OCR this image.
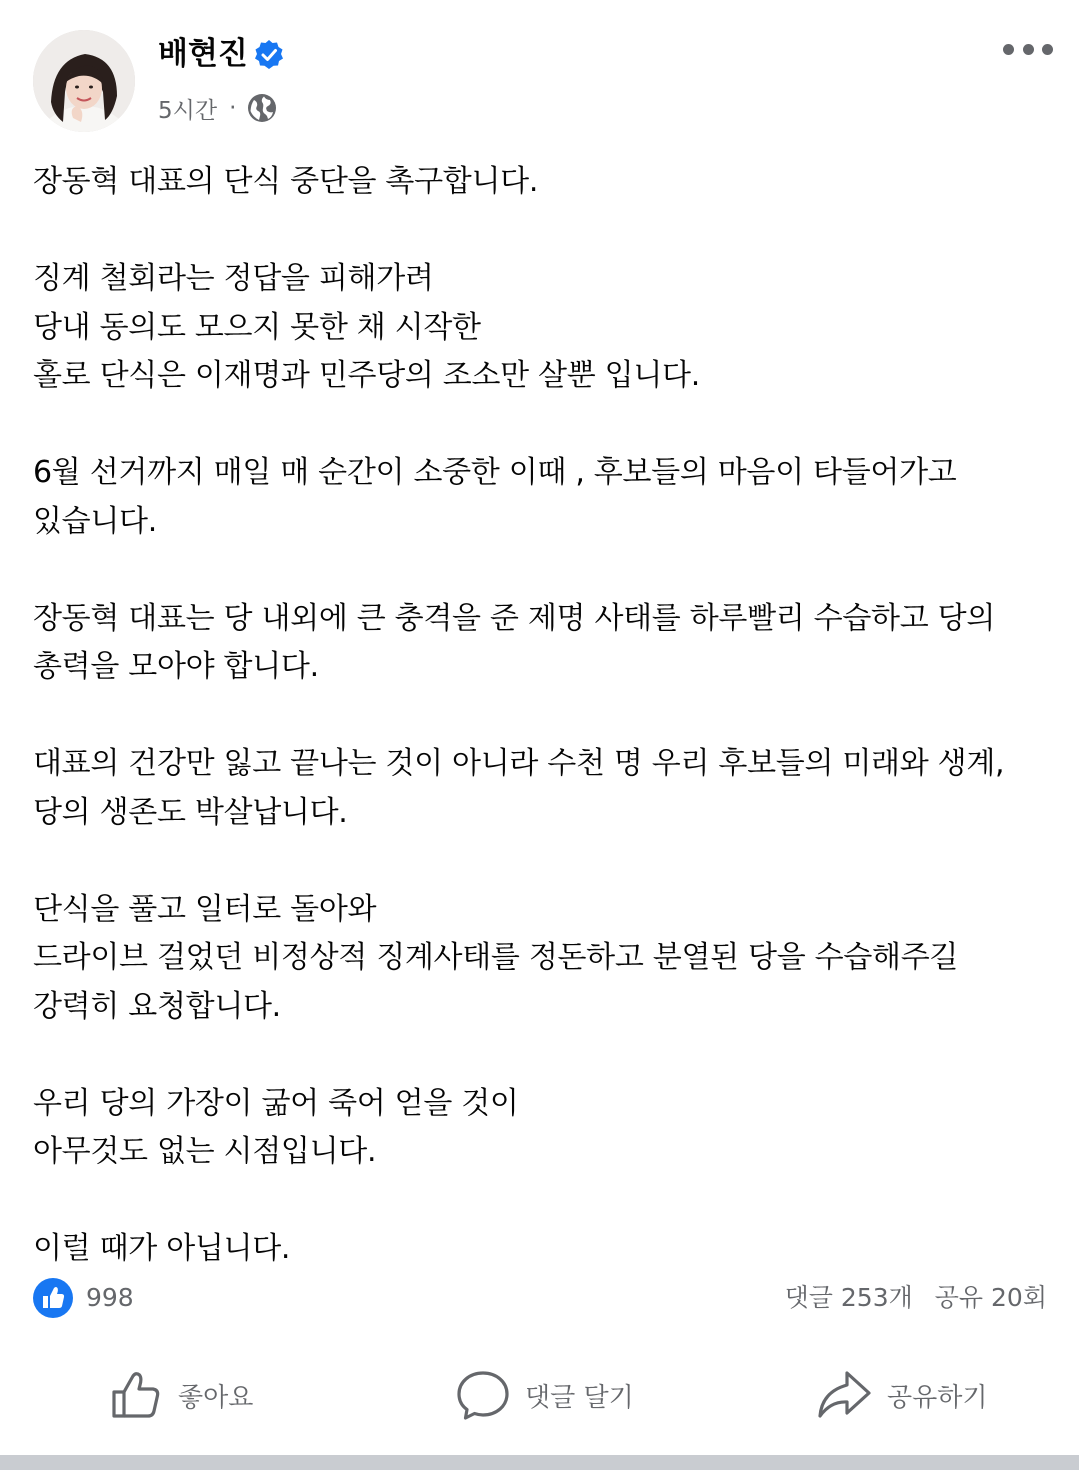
배현진
5시간 ·

장동혁 대표의 단식 중단을 촉구합니다.

징계 철회라는 정답을 피해가려
당내 동의도 모으지 못한 채 시작한
홀로 단식은 이재명과 민주당의 조소만 살뿐 입니다.

6월 선거까지 매일 매 순간이 소중한 이때 , 후보들의 마음이 타들어가고
있습니다.

장동혁 대표는 당 내외에 큰 충격을 준 제명 사태를 하루빨리 수습하고 당의
총력을 모아야 합니다.

대표의 건강만 잃고 끝나는 것이 아니라 수천 명 우리 후보들의 미래와 생계,
당의 생존도 박살납니다.

단식을 풀고 일터로 돌아와
드라이브 걸었던 비정상적 징계사태를 정돈하고 분열된 당을 수습해주길
강력히 요청합니다.

우리 당의 가장이 굶어 죽어 얻을 것이
아무것도 없는 시점입니다.

이럴 때가 아닙니다.

998	댓글 253개 공유 20회
좋아요	댓글 달기	공유하기
